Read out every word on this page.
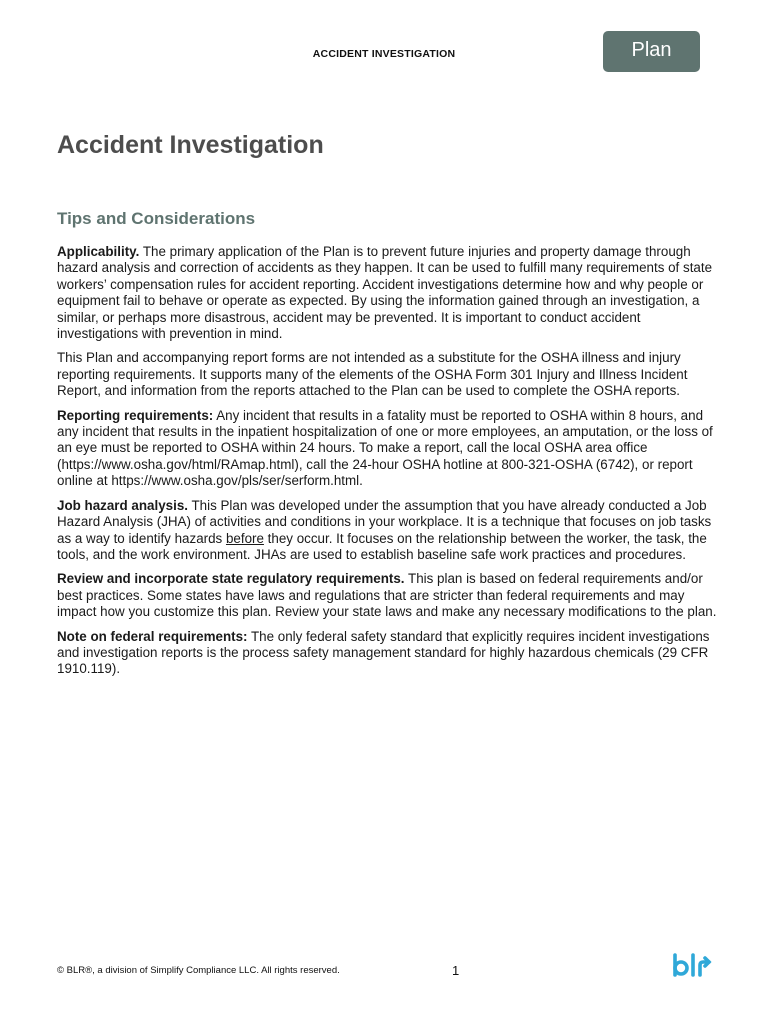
ACCIDENT INVESTIGATION	Plan
Accident Investigation
Tips and Considerations

Applicability. The primary application of the Plan is to prevent future injuries and property damage through hazard analysis and correction of accidents as they happen. It can be used to fulfill many requirements of state workers’ compensation rules for accident reporting. Accident investigations determine how and why people or equipment fail to behave or operate as expected. By using the information gained through an investigation, a similar, or perhaps more disastrous, accident may be prevented. It is important to conduct accident investigations with prevention in mind.

This Plan and accompanying report forms are not intended as a substitute for the OSHA illness and injury reporting requirements. It supports many of the elements of the OSHA Form 301 Injury and Illness Incident Report, and information from the reports attached to the Plan can be used to complete the OSHA reports.

Reporting requirements: Any incident that results in a fatality must be reported to OSHA within 8 hours, and any incident that results in the inpatient hospitalization of one or more employees, an amputation, or the loss of an eye must be reported to OSHA within 24 hours. To make a report, call the local OSHA area office (https://www.osha.gov/html/RAmap.html), call the 24-hour OSHA hotline at 800-321-OSHA (6742), or report online at https://www.osha.gov/pls/ser/serform.html.

Job hazard analysis. This Plan was developed under the assumption that you have already conducted a Job Hazard Analysis (JHA) of activities and conditions in your workplace. It is a technique that focuses on job tasks as a way to identify hazards before they occur. It focuses on the relationship between the worker, the task, the tools, and the work environment. JHAs are used to establish baseline safe work practices and procedures.

Review and incorporate state regulatory requirements. This plan is based on federal requirements and/or best practices. Some states have laws and regulations that are stricter than federal requirements and may impact how you customize this plan. Review your state laws and make any necessary modifications to the plan.

Note on federal requirements: The only federal safety standard that explicitly requires incident investigations and investigation reports is the process safety management standard for highly hazardous chemicals (29 CFR 1910.119).

© BLR®, a division of Simplify Compliance LLC. All rights reserved.	1
